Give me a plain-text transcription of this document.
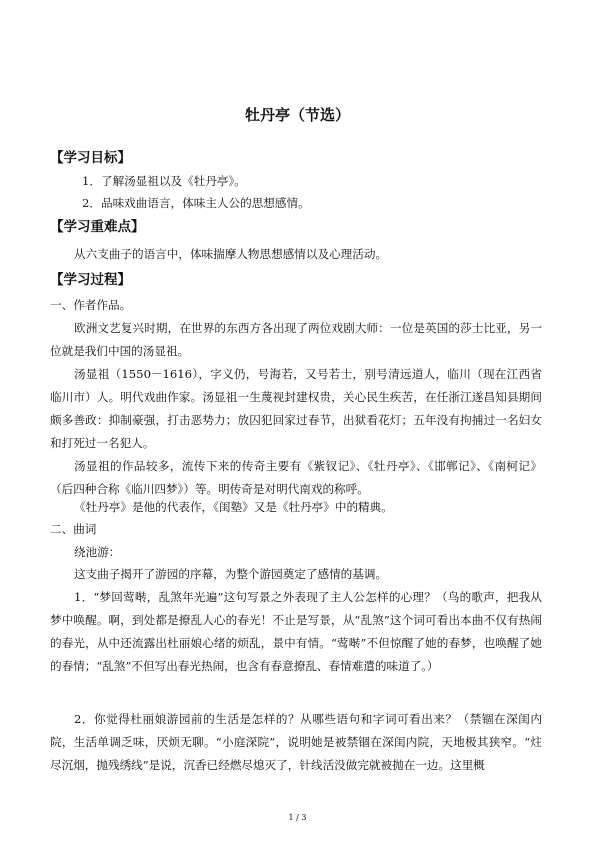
牡丹亭（节选）
【学习目标】
1．了解汤显祖以及《牡丹亭》。
2．品味戏曲语言，体味主人公的思想感情。
【学习重难点】
从六支曲子的语言中，体味揣摩人物思想感情以及心理活动。
【学习过程】
一、作者作品。
欧洲文艺复兴时期，在世界的东西方各出现了两位戏剧大师：一位是英国的莎士比亚，另一位就是我们中国的汤显祖。
汤显祖（1550－1616），字义仍，号海若，又号若士，别号清远道人，临川（现在江西省临川市）人。明代戏曲作家。汤显祖一生蔑视封建权贵，关心民生疾苦，在任浙江遂昌知县期间颇多善政：抑制豪强，打击恶势力；放囚犯回家过春节，出狱看花灯；五年没有拘捕过一名妇女和打死过一名犯人。
汤显祖的作品较多，流传下来的传奇主要有《紫钗记》、《牡丹亭》、《邯郸记》、《南柯记》（后四种合称《临川四梦》）等。明传奇是对明代南戏的称呼。
《牡丹亭》是他的代表作，《闺塾》又是《牡丹亭》中的精典。
二、曲词
绕池游：
这支曲子揭开了游园的序幕，为整个游园奠定了感情的基调。
1．“梦回莺啭，乱煞年光遍”这句写景之外表现了主人公怎样的心理？（鸟的歌声，把我从梦中唤醒。啊，到处都是撩乱人心的春光！不止是写景，从“乱煞”这个词可看出本曲不仅有热闹的春光，从中还流露出杜丽娘心绪的烦乱，景中有情。“莺啭”不但惊醒了她的春梦，也唤醒了她的春情；“乱煞”不但写出春光热闹，也含有春意撩乱、春情难遣的味道了。）
2．你觉得杜丽娘游园前的生活是怎样的？从哪些语句和字词可看出来？（禁锢在深闺内院，生活单调乏味，厌烦无聊。“小庭深院”，说明她是被禁锢在深闺内院，天地极其狭窄。“炷尽沉烟，抛残绣线”是说，沉香已经燃尽熄灭了，针线活没做完就被抛在一边。这里概
1 / 3
